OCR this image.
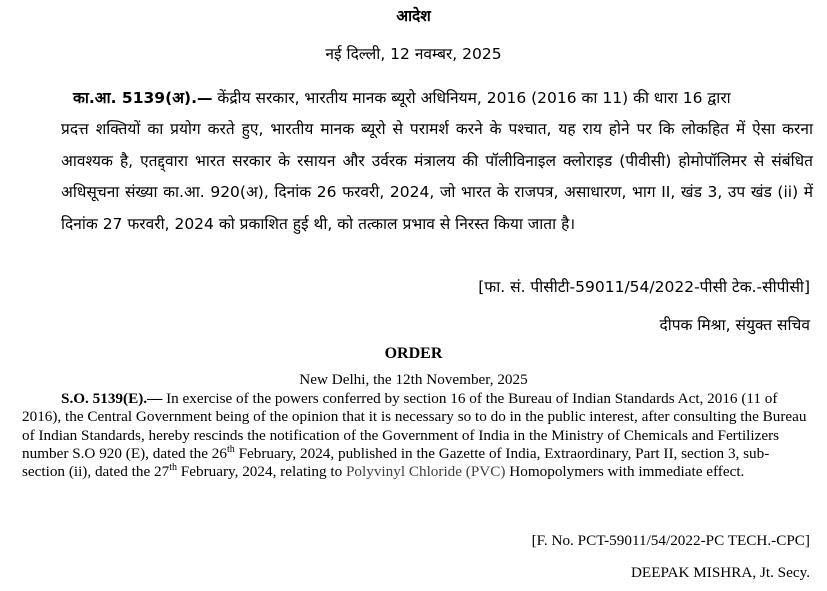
आदेश
नई दिल्ली, 12 नवम्बर, 2025
का.आ. 5139(अ).— केंद्रीय सरकार, भारतीय मानक ब्यूरो अधिनियम, 2016 (2016 का 11) की धारा 16 द्वारा
प्रदत्त शक्तियों का प्रयोग करते हुए, भारतीय मानक ब्यूरो से परामर्श करने के पश्चात, यह राय होने पर कि लोकहित में ऐसा करना आवश्यक है, एतद्द्वारा भारत सरकार के रसायन और उर्वरक मंत्रालय की पॉलीविनाइल क्लोराइड (पीवीसी) होमोपॉलिमर से संबंधित अधिसूचना संख्या का.आ. 920(अ), दिनांक 26 फरवरी, 2024, जो भारत के राजपत्र, असाधारण, भाग II, खंड 3, उप खंड (ii) में दिनांक 27 फरवरी, 2024 को प्रकाशित हुई थी, को तत्काल प्रभाव से निरस्त किया जाता है।
[फा. सं. पीसीटी-59011/54/2022-पीसी टेक.-सीपीसी]
दीपक मिश्रा, संयुक्त सचिव
ORDER
New Delhi, the 12th November, 2025
S.O. 5139(E).— In exercise of the powers conferred by section 16 of the Bureau of Indian Standards Act, 2016 (11 of 2016), the Central Government being of the opinion that it is necessary so to do in the public interest, after consulting the Bureau of Indian Standards, hereby rescinds the notification of the Government of India in the Ministry of Chemicals and Fertilizers number S.O 920 (E), dated the 26th February, 2024, published in the Gazette of India, Extraordinary, Part II, section 3, sub-section (ii), dated the 27th February, 2024, relating to Polyvinyl Chloride (PVC) Homopolymers with immediate effect.
[F. No. PCT-59011/54/2022-PC TECH.-CPC]
DEEPAK MISHRA, Jt. Secy.
